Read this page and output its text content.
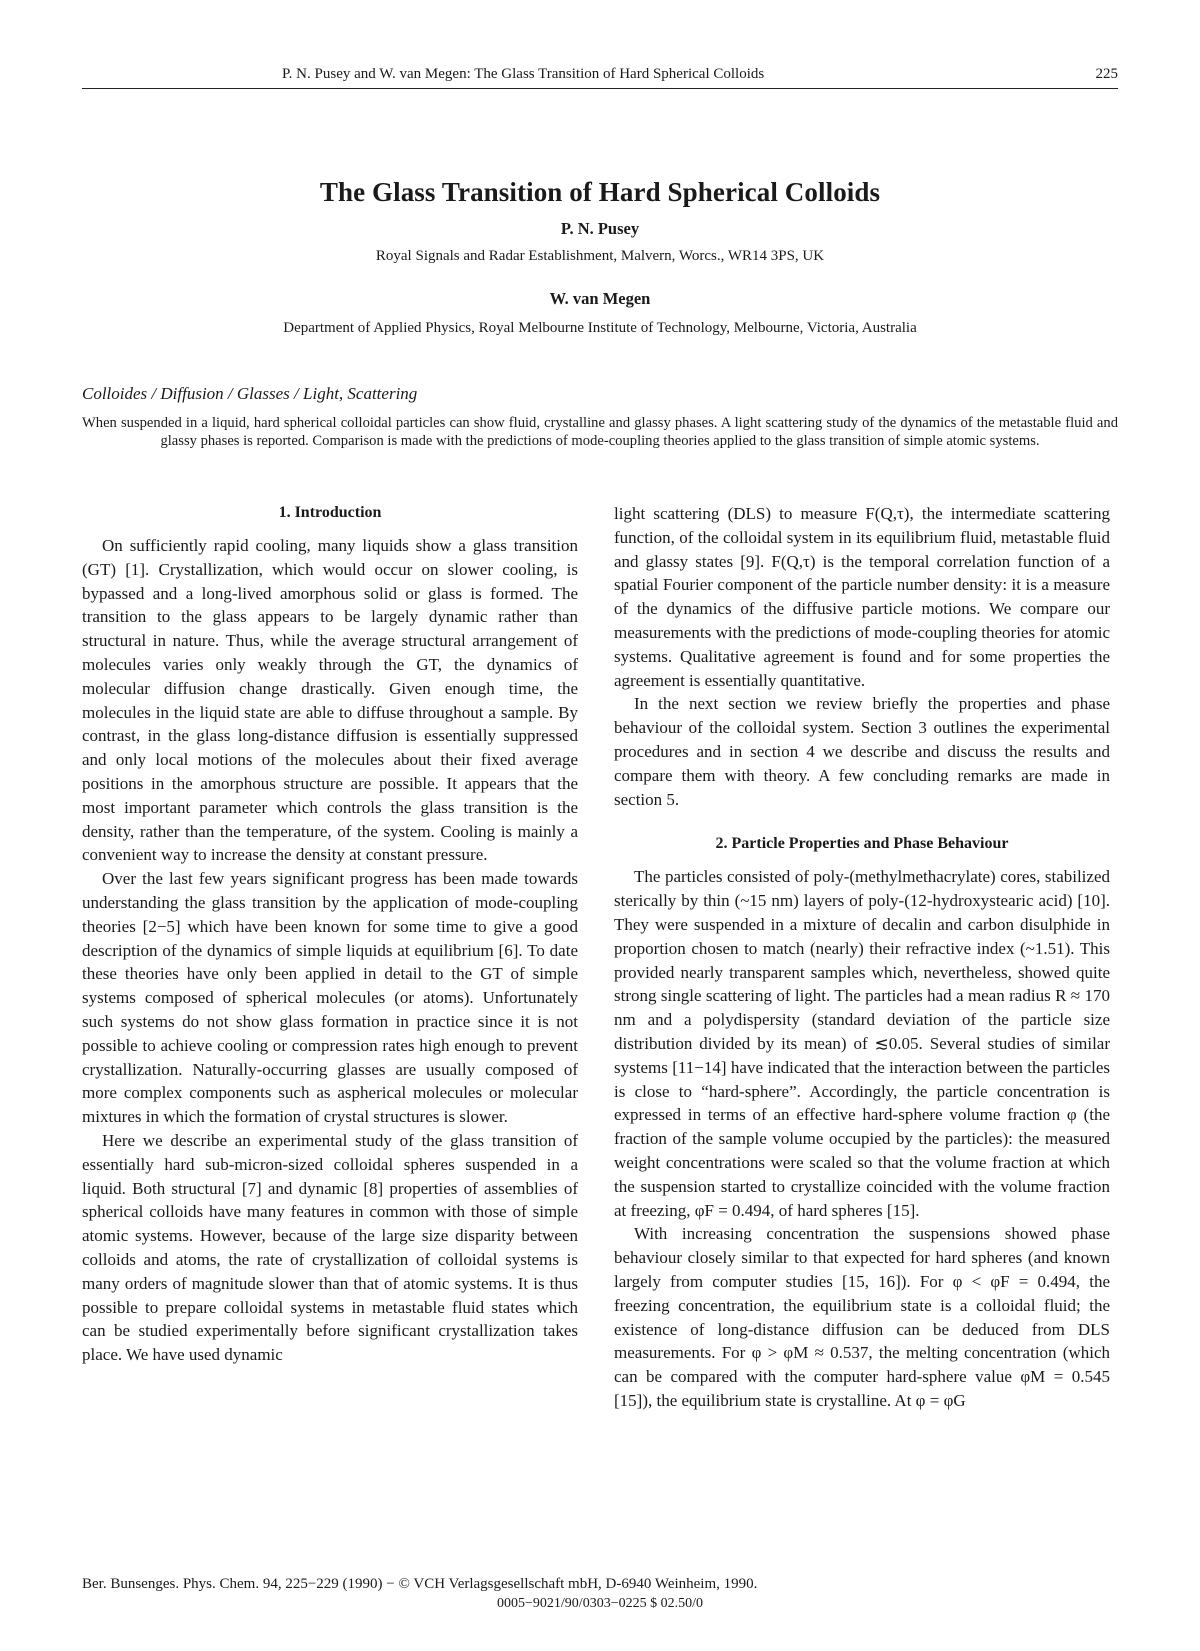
P. N. Pusey and W. van Megen: The Glass Transition of Hard Spherical Colloids	225
The Glass Transition of Hard Spherical Colloids
P. N. Pusey
Royal Signals and Radar Establishment, Malvern, Worcs., WR14 3PS, UK
W. van Megen
Department of Applied Physics, Royal Melbourne Institute of Technology, Melbourne, Victoria, Australia
Colloides / Diffusion / Glasses / Light, Scattering
When suspended in a liquid, hard spherical colloidal particles can show fluid, crystalline and glassy phases. A light scattering study of the dynamics of the metastable fluid and glassy phases is reported. Comparison is made with the predictions of mode-coupling theories applied to the glass transition of simple atomic systems.
1. Introduction

On sufficiently rapid cooling, many liquids show a glass transition (GT) [1]. Crystallization, which would occur on slower cooling, is bypassed and a long-lived amorphous solid or glass is formed. The transition to the glass appears to be largely dynamic rather than structural in nature. Thus, while the average structural arrangement of molecules varies only weakly through the GT, the dynamics of molecular diffusion change drastically. Given enough time, the molecules in the liquid state are able to diffuse throughout a sample. By contrast, in the glass long-distance diffusion is essentially suppressed and only local motions of the molecules about their fixed average positions in the amorphous structure are possible. It appears that the most important parameter which controls the glass transition is the density, rather than the temperature, of the system. Cooling is mainly a convenient way to increase the density at constant pressure.

Over the last few years significant progress has been made towards understanding the glass transition by the application of mode-coupling theories [2−5] which have been known for some time to give a good description of the dynamics of simple liquids at equilibrium [6]. To date these theories have only been applied in detail to the GT of simple systems composed of spherical molecules (or atoms). Unfortunately such systems do not show glass formation in practice since it is not possible to achieve cooling or compression rates high enough to prevent crystallization. Naturally-occurring glasses are usually composed of more complex components such as aspherical molecules or molecular mixtures in which the formation of crystal structures is slower.

Here we describe an experimental study of the glass transition of essentially hard sub-micron-sized colloidal spheres suspended in a liquid. Both structural [7] and dynamic [8] properties of assemblies of spherical colloids have many features in common with those of simple atomic systems. However, because of the large size disparity between colloids and atoms, the rate of crystallization of colloidal systems is many orders of magnitude slower than that of atomic systems. It is thus possible to prepare colloidal systems in metastable fluid states which can be studied experimentally before significant crystallization takes place. We have used dynamic

light scattering (DLS) to measure F(Q,τ), the intermediate scattering function, of the colloidal system in its equilibrium fluid, metastable fluid and glassy states [9]. F(Q,τ) is the temporal correlation function of a spatial Fourier component of the particle number density: it is a measure of the dynamics of the diffusive particle motions. We compare our measurements with the predictions of mode-coupling theories for atomic systems. Qualitative agreement is found and for some properties the agreement is essentially quantitative.

In the next section we review briefly the properties and phase behaviour of the colloidal system. Section 3 outlines the experimental procedures and in section 4 we describe and discuss the results and compare them with theory. A few concluding remarks are made in section 5.

2. Particle Properties and Phase Behaviour

The particles consisted of poly-(methylmethacrylate) cores, stabilized sterically by thin (~15 nm) layers of poly-(12-hydroxystearic acid) [10]. They were suspended in a mixture of decalin and carbon disulphide in proportion chosen to match (nearly) their refractive index (~1.51). This provided nearly transparent samples which, nevertheless, showed quite strong single scattering of light. The particles had a mean radius R ≈ 170 nm and a polydispersity (standard deviation of the particle size distribution divided by its mean) of ≲0.05. Several studies of similar systems [11−14] have indicated that the interaction between the particles is close to “hard-sphere”. Accordingly, the particle concentration is expressed in terms of an effective hard-sphere volume fraction φ (the fraction of the sample volume occupied by the particles): the measured weight concentrations were scaled so that the volume fraction at which the suspension started to crystallize coincided with the volume fraction at freezing, φF = 0.494, of hard spheres [15].

With increasing concentration the suspensions showed phase behaviour closely similar to that expected for hard spheres (and known largely from computer studies [15, 16]). For φ < φF = 0.494, the freezing concentration, the equilibrium state is a colloidal fluid; the existence of long-distance diffusion can be deduced from DLS measurements. For φ > φM ≈ 0.537, the melting concentration (which can be compared with the computer hard-sphere value φM = 0.545 [15]), the equilibrium state is crystalline. At φ = φG

Ber. Bunsenges. Phys. Chem. 94, 225−229 (1990) − © VCH Verlagsgesellschaft mbH, D-6940 Weinheim, 1990.
0005−9021/90/0303−0225 $ 02.50/0
